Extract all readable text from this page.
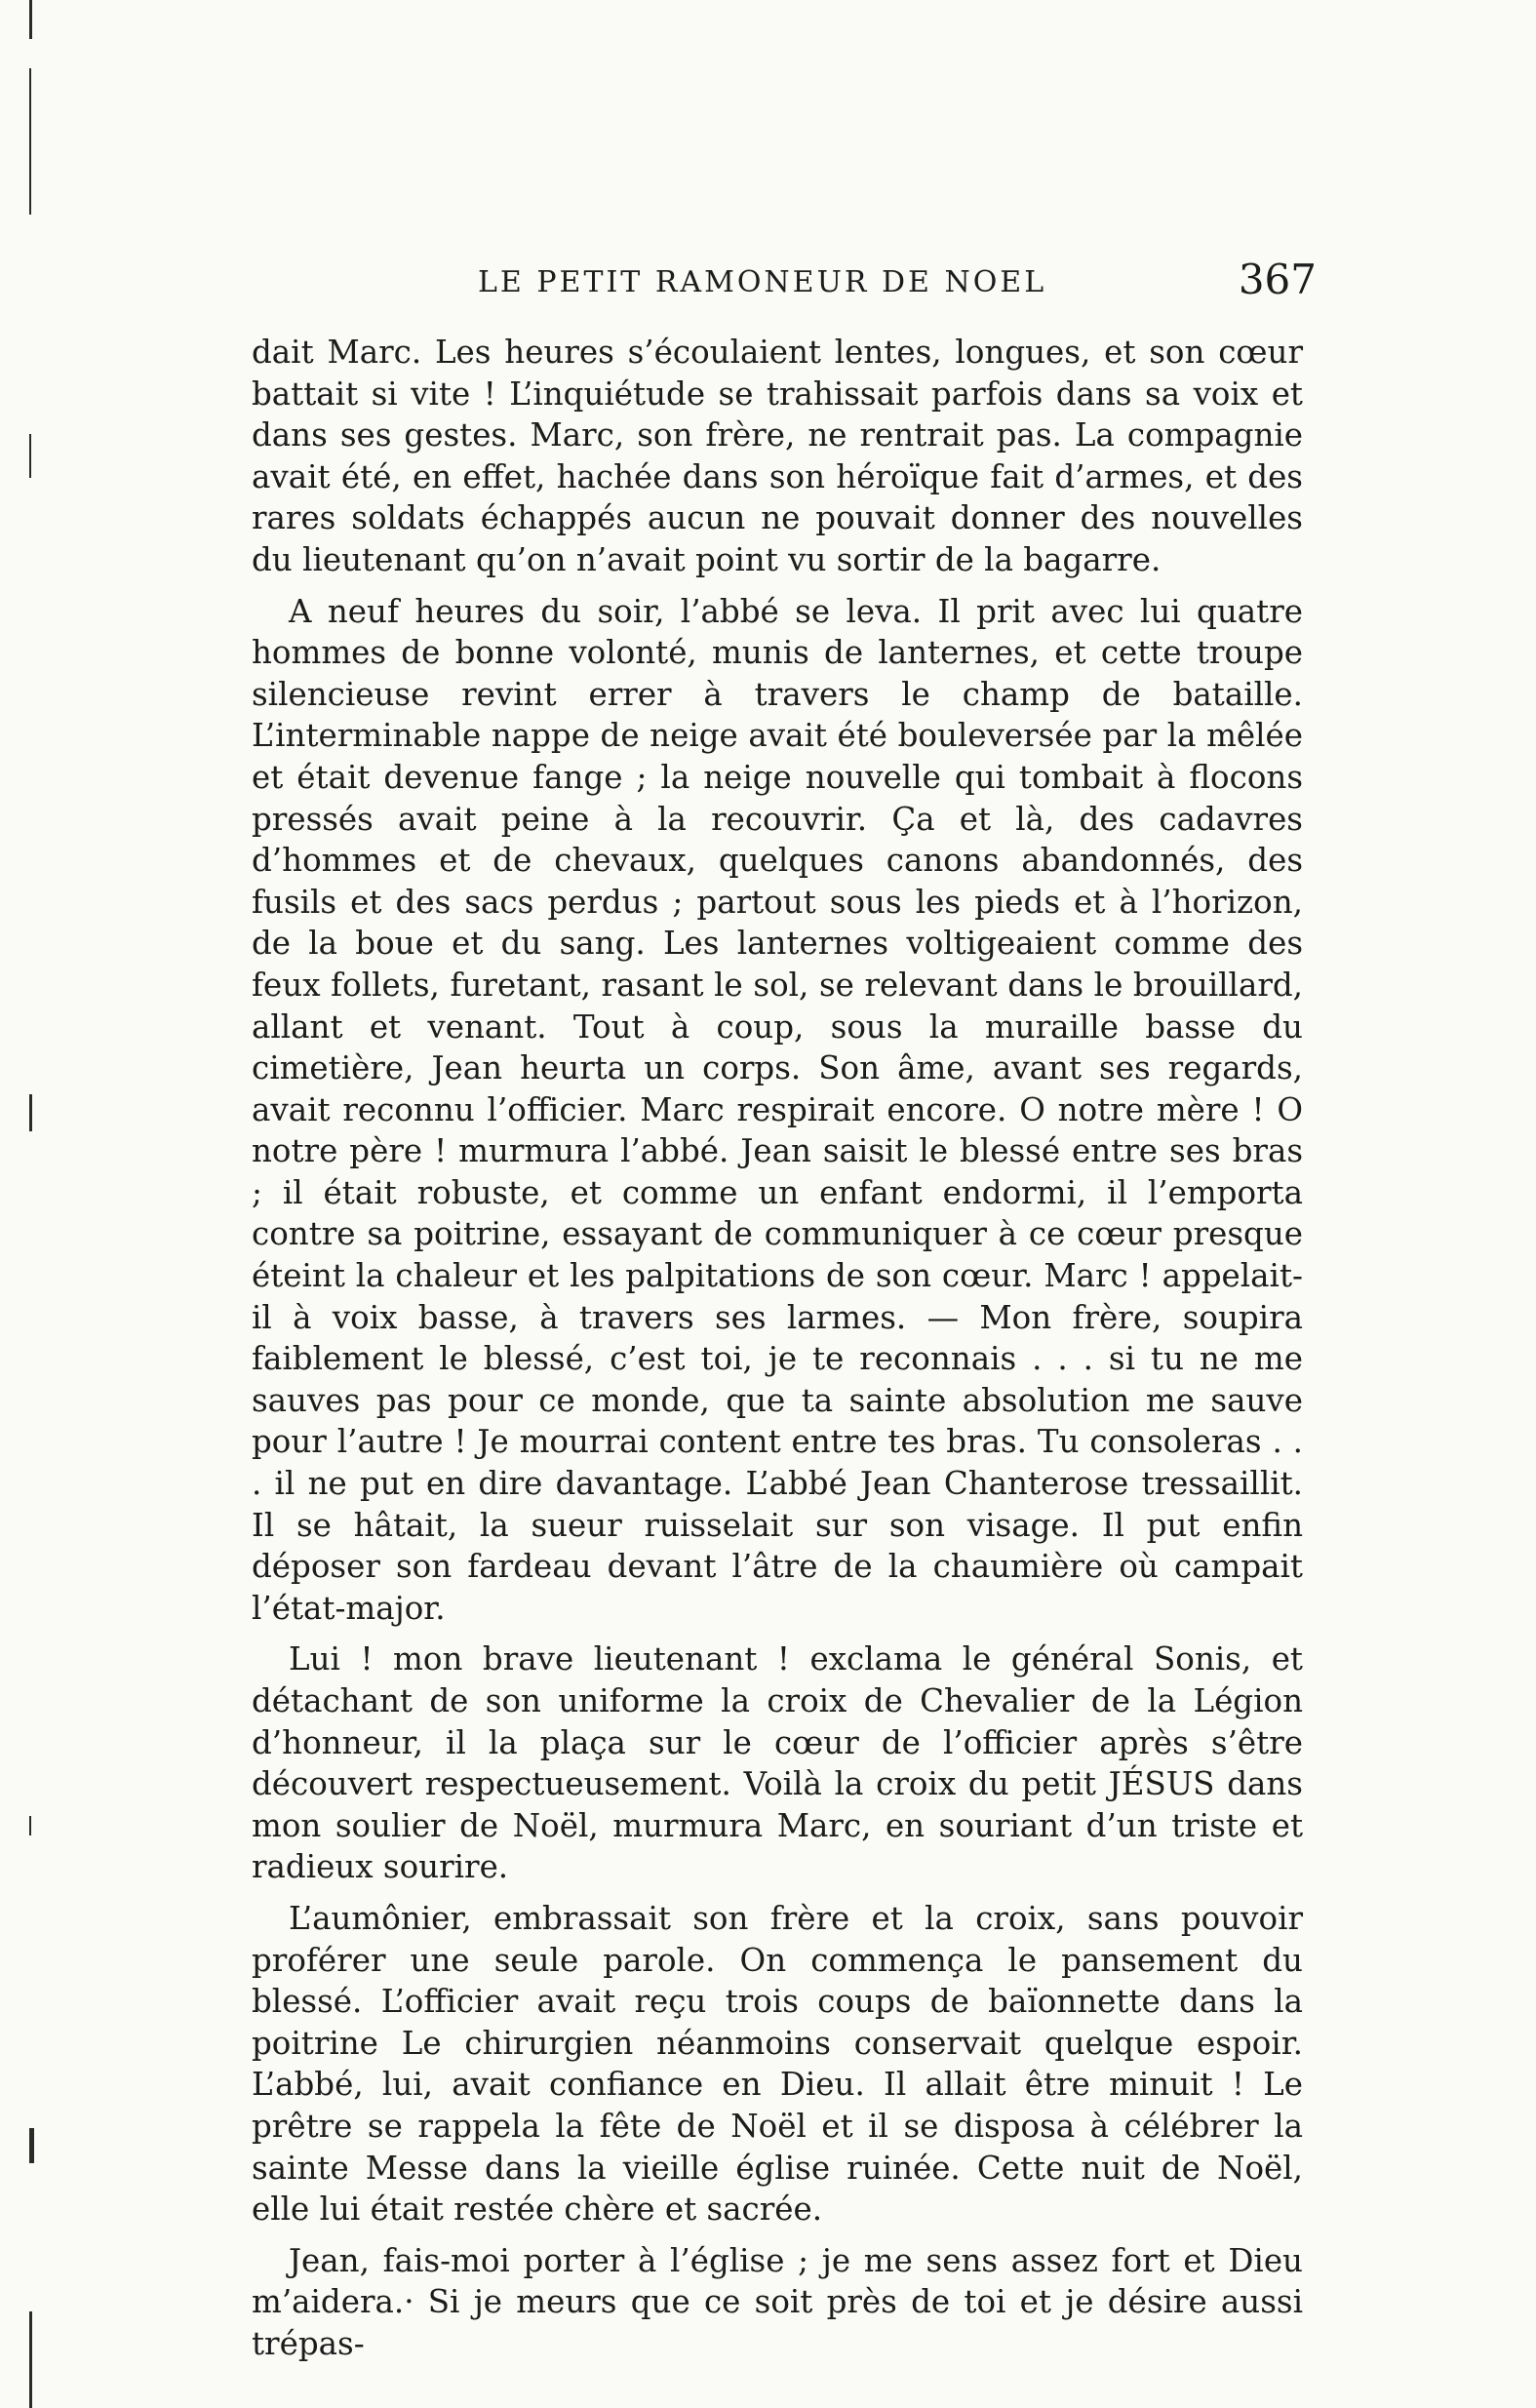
LE PETIT RAMONEUR DE NOEL	367

dait Marc. Les heures s’écoulaient lentes, longues, et son cœur battait si vite ! L’inquiétude se trahissait parfois dans sa voix et dans ses gestes. Marc, son frère, ne rentrait pas. La compagnie avait été, en effet, hachée dans son héroïque fait d’armes, et des rares soldats échappés aucun ne pouvait donner des nouvelles du lieutenant qu’on n’avait point vu sortir de la bagarre.

A neuf heures du soir, l’abbé se leva. Il prit avec lui quatre hommes de bonne volonté, munis de lanternes, et cette troupe silencieuse revint errer à travers le champ de bataille. L’interminable nappe de neige avait été bouleversée par la mêlée et était devenue fange ; la neige nouvelle qui tombait à flocons pressés avait peine à la recouvrir. Ça et là, des cadavres d’hommes et de chevaux, quelques canons abandonnés, des fusils et des sacs perdus ; partout sous les pieds et à l’horizon, de la boue et du sang. Les lanternes voltigeaient comme des feux follets, furetant, rasant le sol, se relevant dans le brouillard, allant et venant. Tout à coup, sous la muraille basse du cimetière, Jean heurta un corps. Son âme, avant ses regards, avait reconnu l’officier. Marc respirait encore. O notre mère ! O notre père ! murmura l’abbé. Jean saisit le blessé entre ses bras ; il était robuste, et comme un enfant endormi, il l’emporta contre sa poitrine, essayant de communiquer à ce cœur presque éteint la chaleur et les palpitations de son cœur. Marc ! appelait-il à voix basse, à travers ses larmes. — Mon frère, soupira faiblement le blessé, c’est toi, je te reconnais . . . si tu ne me sauves pas pour ce monde, que ta sainte absolution me sauve pour l’autre ! Je mourrai content entre tes bras. Tu consoleras . . . il ne put en dire davantage. L’abbé Jean Chanterose tressaillit. Il se hâtait, la sueur ruisselait sur son visage. Il put enfin déposer son fardeau devant l’âtre de la chaumière où campait l’état-major.

Lui ! mon brave lieutenant ! exclama le général Sonis, et détachant de son uniforme la croix de Chevalier de la Légion d’honneur, il la plaça sur le cœur de l’officier après s’être découvert respectueusement. Voilà la croix du petit JÉSUS dans mon soulier de Noël, murmura Marc, en souriant d’un triste et radieux sourire.

L’aumônier, embrassait son frère et la croix, sans pouvoir proférer une seule parole. On commença le pansement du blessé. L’officier avait reçu trois coups de baïonnette dans la poitrine Le chirurgien néanmoins conservait quelque espoir. L’abbé, lui, avait confiance en Dieu. Il allait être minuit ! Le prêtre se rappela la fête de Noël et il se disposa à célébrer la sainte Messe dans la vieille église ruinée. Cette nuit de Noël, elle lui était restée chère et sacrée.

Jean, fais-moi porter à l’église ; je me sens assez fort et Dieu m’aidera.· Si je meurs que ce soit près de toi et je désire aussi trépas-
